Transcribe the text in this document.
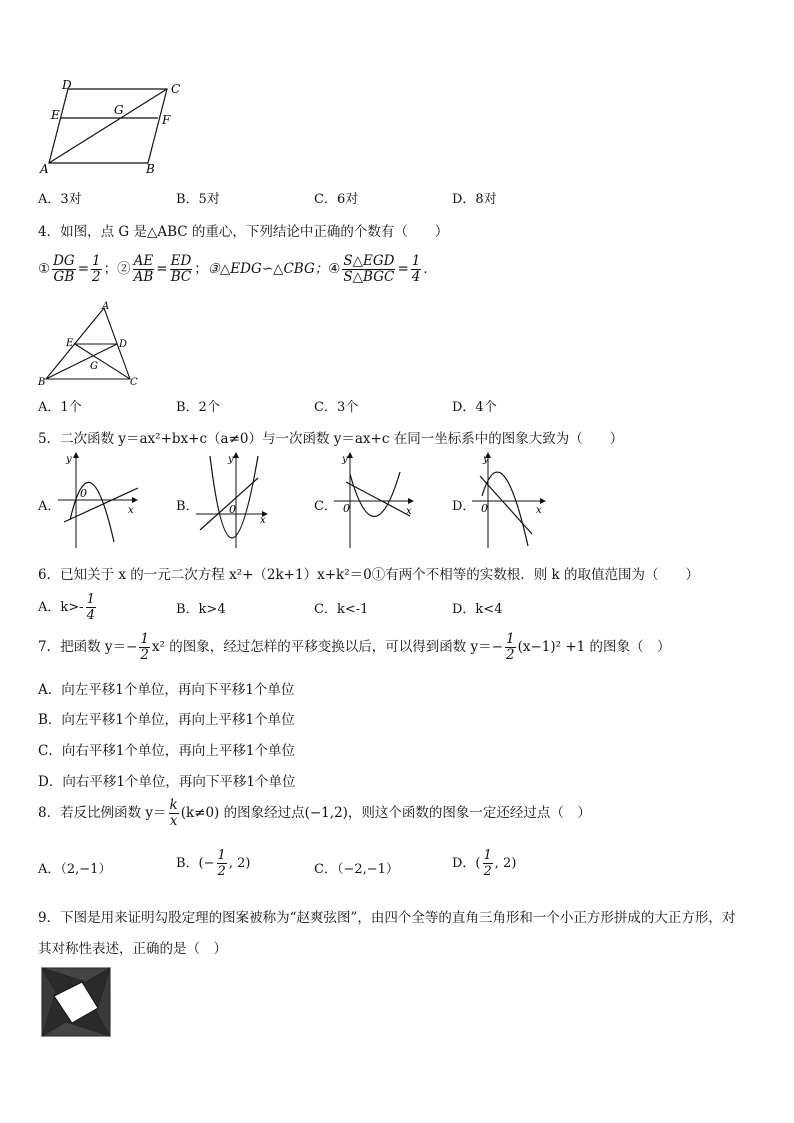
D	C
E	G
F
A	B
A．3对	B．5对	C．6对	D．8对
4．如图，点 G 是△ABC 的重心，下列结论中正确的个数有（　　）
① $\frac{DG}{GB} = \frac{1}{2}$ ；② $\frac{AE}{AB} = \frac{ED}{BC}$ ；③△EDG∽△CBG；④ $\frac{\text{S△EGD}}{\text{S△BGC}} = \frac{1}{4}$ ．
A
E	D
G
B	C
A．1个	B．2个	C．3个	D．4个
5．二次函数 y＝ax²+bx+c（a≠0）与一次函数 y＝ax+c 在同一坐标系中的图象大致为（　　）
A．
y
x
0
B．
y
x
0	C．
y
x
0	D．
y
x
0
6．已知关于 x 的一元二次方程 x²+（2k+1）x+k²＝0①有两个不相等的实数根．则 k 的取值范围为（　　）
A．$k>- \frac{1}{4}$	B．k>4	C．k<-1	D．k<4
7．把函数 $y=- \frac{1}{2} x^2$ 的图象，经过怎样的平移变换以后，可以得到函数 $y=- \frac{1}{2} (x-1)^2 +1$ 的图象（　）
A．向左平移1个单位，再向下平移1个单位
B．向左平移1个单位，再向上平移1个单位
C．向右平移1个单位，再向上平移1个单位
D．向右平移1个单位，再向下平移1个单位
8．若反比例函数 $y= \frac{k}{x} (k\ne 0)$ 的图象经过点(−1,2)，则这个函数的图象一定还经过点（　）
A．（2,−1）	B．(− $\frac{1}{2}$ , 2)	C．（−2,−1）	D．( $\frac{1}{2}$ , 2)
9．下图是用来证明勾股定理的图案被称为“赵爽弦图”，由四个全等的直角三角形和一个小正方形拼成的大正方形，对
其对称性表述，正确的是（　）
